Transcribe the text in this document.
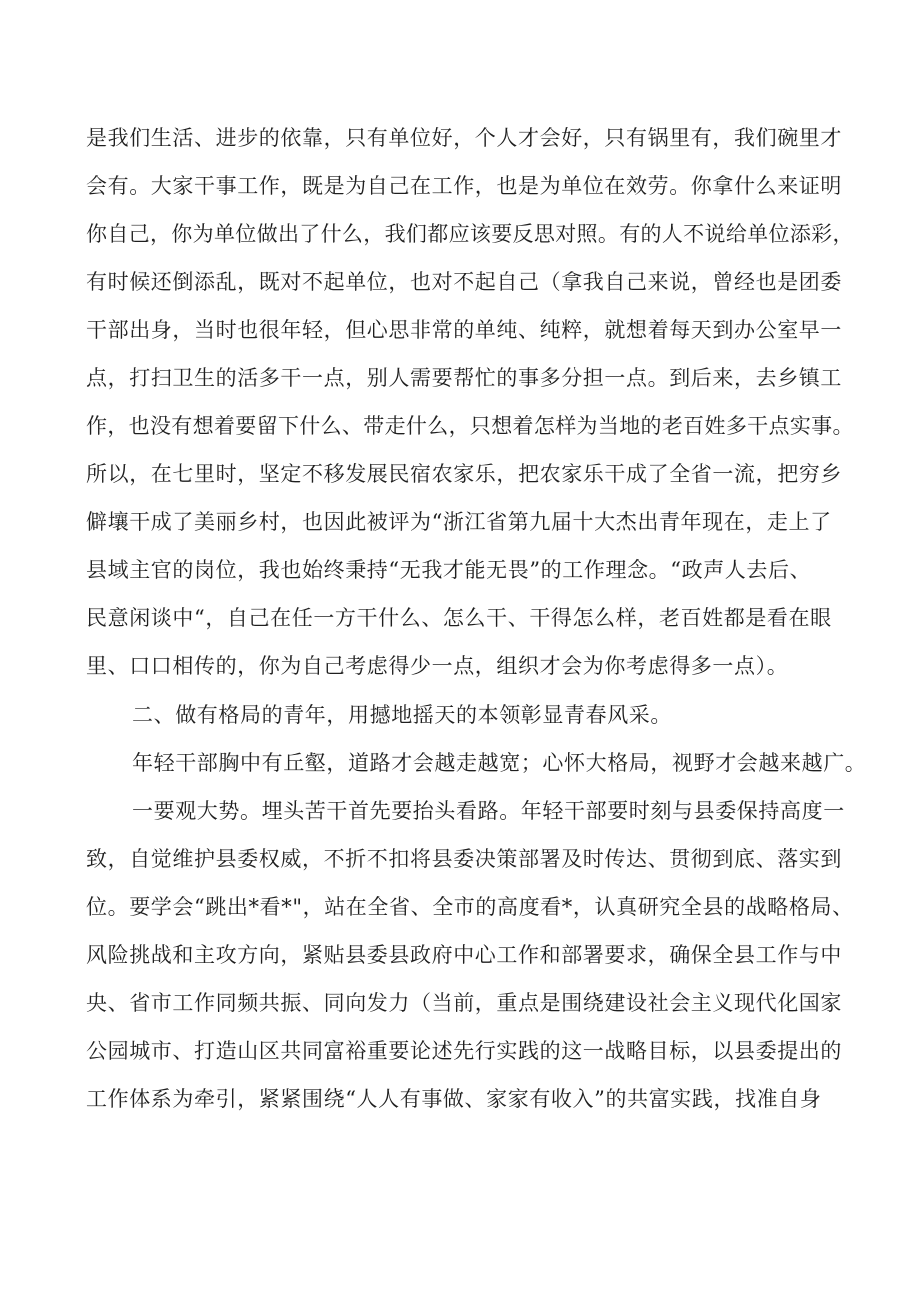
是我们生活、进步的依靠，只有单位好，个人才会好，只有锅里有，我们碗里才
会有。大家干事工作，既是为自己在工作，也是为单位在效劳。你拿什么来证明
你自己，你为单位做出了什么，我们都应该要反思对照。有的人不说给单位添彩，
有时候还倒添乱，既对不起单位，也对不起自己（拿我自己来说，曾经也是团委
干部出身，当时也很年轻，但心思非常的单纯、纯粹，就想着每天到办公室早一
点，打扫卫生的活多干一点，别人需要帮忙的事多分担一点。到后来，去乡镇工
作，也没有想着要留下什么、带走什么，只想着怎样为当地的老百姓多干点实事。
所以，在七里时，坚定不移发展民宿农家乐，把农家乐干成了全省一流，把穷乡
僻壤干成了美丽乡村，也因此被评为“浙江省第九届十大杰出青年现在，走上了
县域主官的岗位，我也始终秉持“无我才能无畏”的工作理念。“政声人去后、
民意闲谈中“，自己在任一方干什么、怎么干、干得怎么样，老百姓都是看在眼
里、口口相传的，你为自己考虑得少一点，组织才会为你考虑得多一点）。
二、做有格局的青年，用撼地摇天的本领彰显青春风采。
年轻干部胸中有丘壑，道路才会越走越宽；心怀大格局，视野才会越来越广。
一要观大势。埋头苦干首先要抬头看路。年轻干部要时刻与县委保持高度一
致，自觉维护县委权威，不折不扣将县委决策部署及时传达、贯彻到底、落实到
位。要学会“跳出*看*"，站在全省、全市的高度看*，认真研究全县的战略格局、
风险挑战和主攻方向，紧贴县委县政府中心工作和部署要求，确保全县工作与中
央、省市工作同频共振、同向发力（当前，重点是围绕建设社会主义现代化国家
公园城市、打造山区共同富裕重要论述先行实践的这一战略目标，以县委提出的
工作体系为牵引，紧紧围绕“人人有事做、家家有收入”的共富实践，找准自身
